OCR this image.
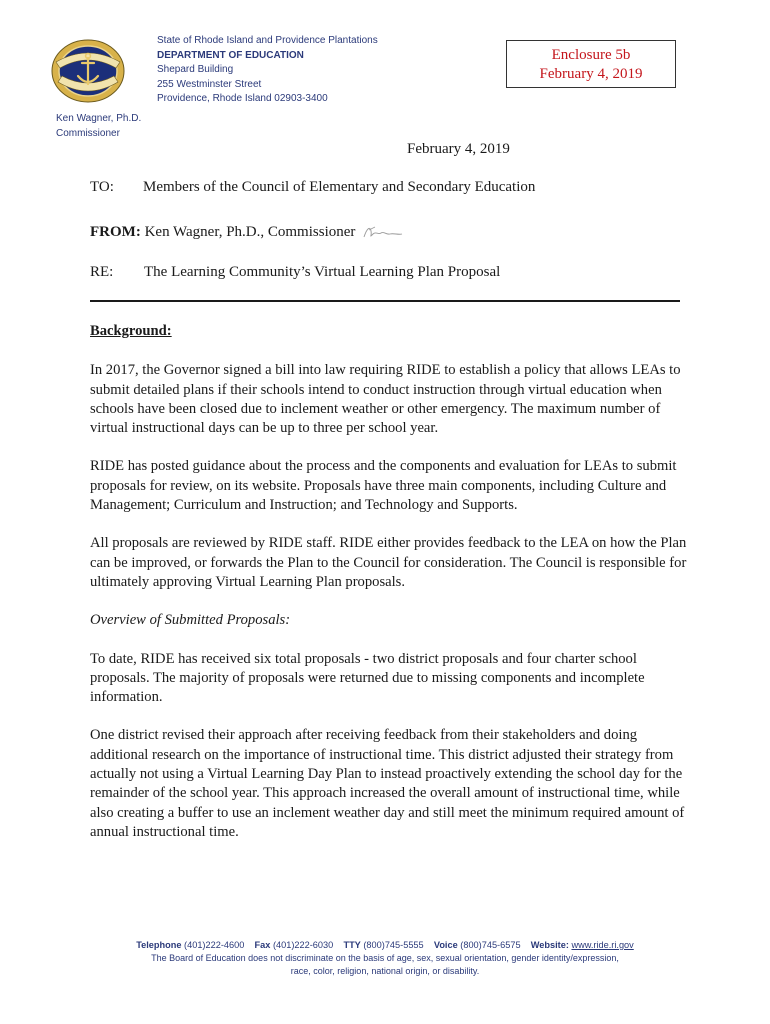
State of Rhode Island and Providence Plantations
DEPARTMENT OF EDUCATION
Shepard Building
255 Westminster Street
Providence, Rhode Island 02903-3400
Ken Wagner, Ph.D.
Commissioner
Enclosure 5b
February 4, 2019
February 4, 2019
TO: Members of the Council of Elementary and Secondary Education
FROM: Ken Wagner, Ph.D., Commissioner
RE: The Learning Community’s Virtual Learning Plan Proposal
Background:

In 2017, the Governor signed a bill into law requiring RIDE to establish a policy that allows LEAs to submit detailed plans if their schools intend to conduct instruction through virtual education when schools have been closed due to inclement weather or other emergency. The maximum number of virtual instructional days can be up to three per school year.

RIDE has posted guidance about the process and the components and evaluation for LEAs to submit proposals for review, on its website. Proposals have three main components, including Culture and Management; Curriculum and Instruction; and Technology and Supports.

All proposals are reviewed by RIDE staff. RIDE either provides feedback to the LEA on how the Plan can be improved, or forwards the Plan to the Council for consideration. The Council is responsible for ultimately approving Virtual Learning Plan proposals.

Overview of Submitted Proposals:

To date, RIDE has received six total proposals - two district proposals and four charter school proposals. The majority of proposals were returned due to missing components and incomplete information.

One district revised their approach after receiving feedback from their stakeholders and doing additional research on the importance of instructional time. This district adjusted their strategy from actually not using a Virtual Learning Day Plan to instead proactively extending the school day for the remainder of the school year. This approach increased the overall amount of instructional time, while also creating a buffer to use an inclement weather day and still meet the minimum required amount of annual instructional time.

Telephone (401)222-4600 Fax (401)222-6030 TTY (800)745-5555 Voice (800)745-6575 Website: www.ride.ri.gov
The Board of Education does not discriminate on the basis of age, sex, sexual orientation, gender identity/expression,
race, color, religion, national origin, or disability.
